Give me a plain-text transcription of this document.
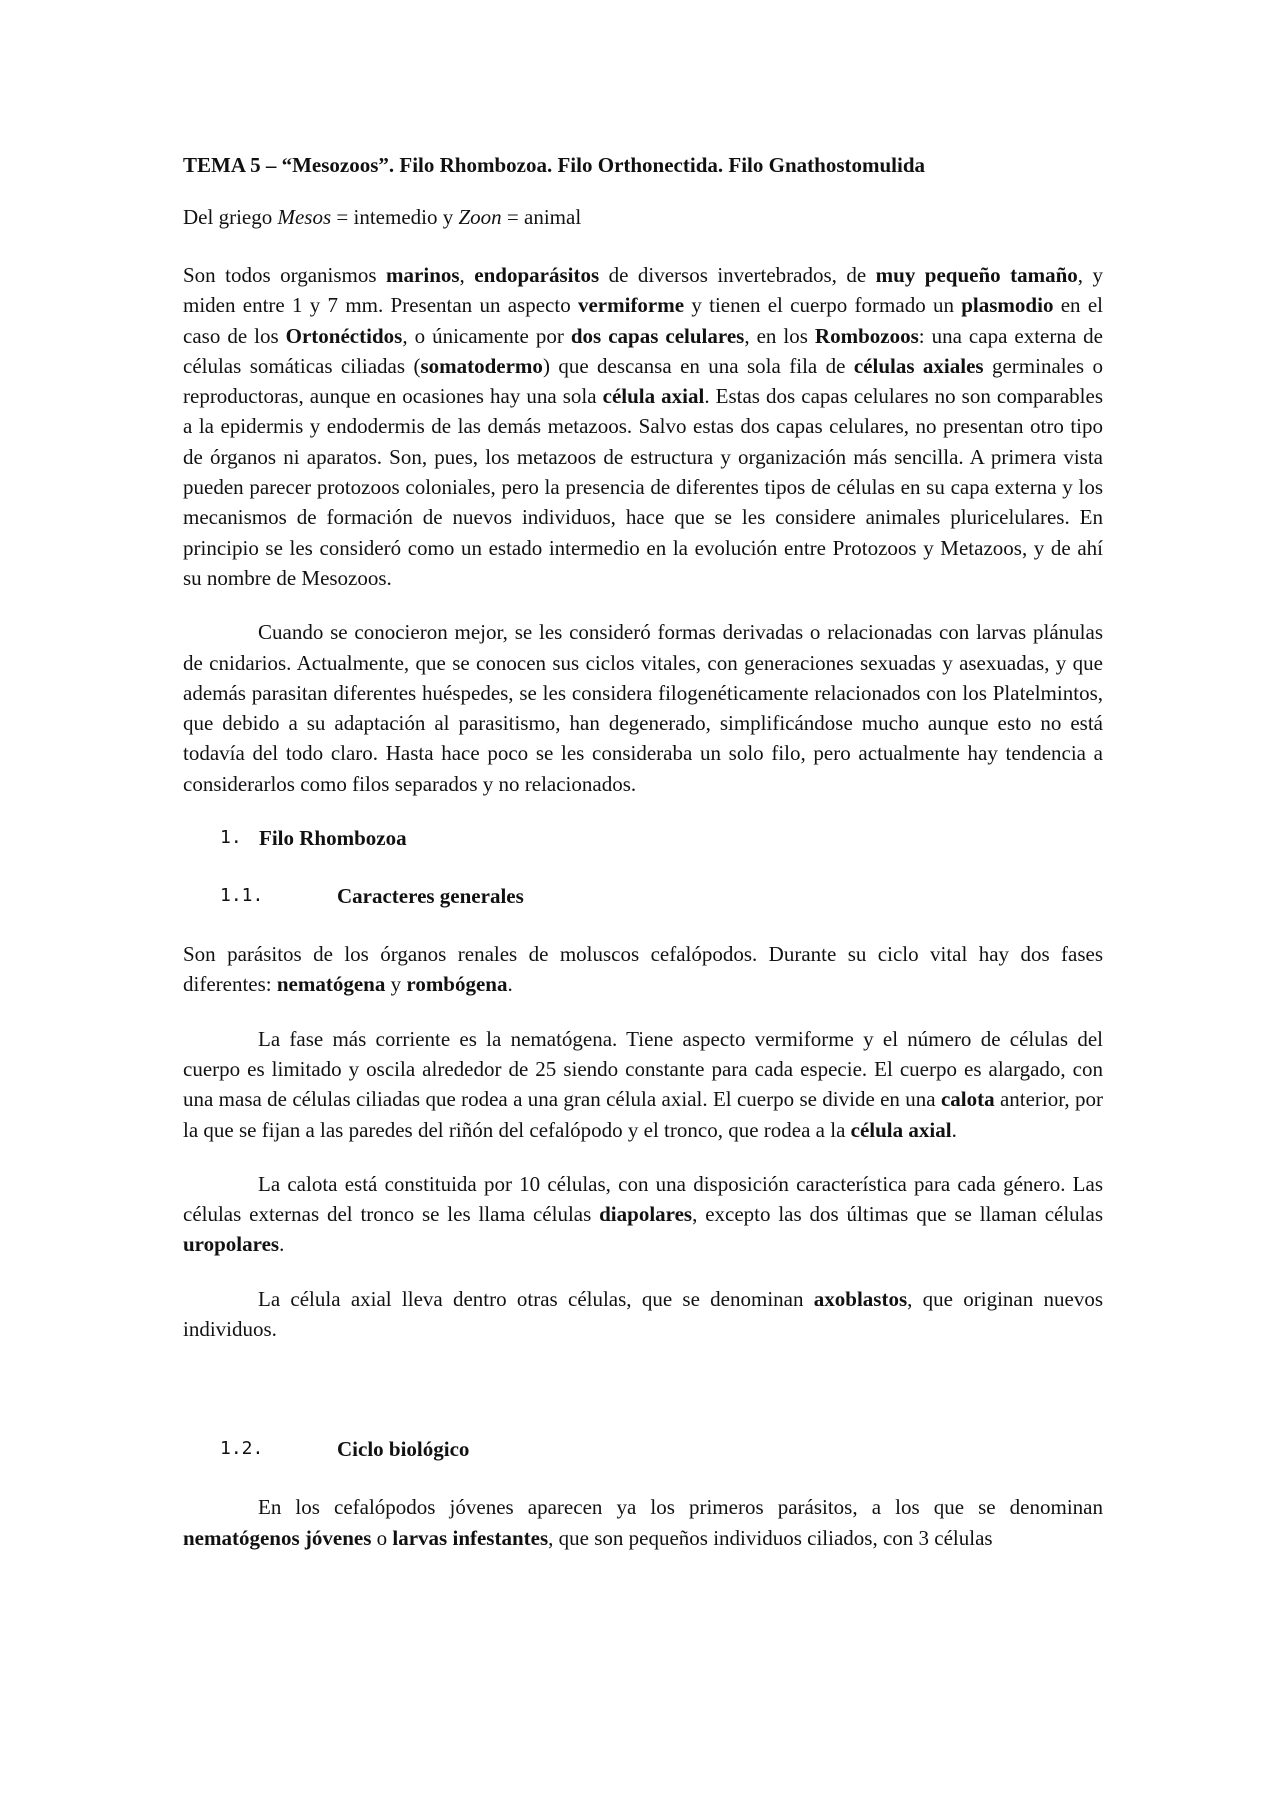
TEMA 5 – “Mesozoos”. Filo Rhombozoa. Filo Orthonectida. Filo Gnathostomulida
Del griego Mesos = intemedio y Zoon = animal

Son todos organismos marinos, endoparásitos de diversos invertebrados, de muy pequeño tamaño, y miden entre 1 y 7 mm. Presentan un aspecto vermiforme y tienen el cuerpo formado un plasmodio en el caso de los Ortonéctidos, o únicamente por dos capas celulares, en los Rombozoos: una capa externa de células somáticas ciliadas (somatodermo) que descansa en una sola fila de células axiales germinales o reproductoras, aunque en ocasiones hay una sola célula axial. Estas dos capas celulares no son comparables a la epidermis y endodermis de las demás metazoos. Salvo estas dos capas celulares, no presentan otro tipo de órganos ni aparatos. Son, pues, los metazoos de estructura y organización más sencilla. A primera vista pueden parecer protozoos coloniales, pero la presencia de diferentes tipos de células en su capa externa y los mecanismos de formación de nuevos individuos, hace que se les considere animales pluricelulares. En principio se les consideró como un estado intermedio en la evolución entre Protozoos y Metazoos, y de ahí su nombre de Mesozoos.

Cuando se conocieron mejor, se les consideró formas derivadas o relacionadas con larvas plánulas de cnidarios. Actualmente, que se conocen sus ciclos vitales, con generaciones sexuadas y asexuadas, y que además parasitan diferentes huéspedes, se les considera filogenéticamente relacionados con los Platelmintos, que debido a su adaptación al parasitismo, han degenerado, simplificándose mucho aunque esto no está todavía del todo claro. Hasta hace poco se les consideraba un solo filo, pero actualmente hay tendencia a considerarlos como filos separados y no relacionados.

1. Filo Rhombozoa
1.1.	Caracteres generales

Son parásitos de los órganos renales de moluscos cefalópodos. Durante su ciclo vital hay dos fases diferentes: nematógena y rombógena.

La fase más corriente es la nematógena. Tiene aspecto vermiforme y el número de células del cuerpo es limitado y oscila alrededor de 25 siendo constante para cada especie. El cuerpo es alargado, con una masa de células ciliadas que rodea a una gran célula axial. El cuerpo se divide en una calota anterior, por la que se fijan a las paredes del riñón del cefalópodo y el tronco, que rodea a la célula axial.

La calota está constituida por 10 células, con una disposición característica para cada género. Las células externas del tronco se les llama células diapolares, excepto las dos últimas que se llaman células uropolares.

La célula axial lleva dentro otras células, que se denominan axoblastos, que originan nuevos individuos.

1.2.	Ciclo biológico

En los cefalópodos jóvenes aparecen ya los primeros parásitos, a los que se denominan nematógenos jóvenes o larvas infestantes, que son pequeños individuos ciliados, con 3 células
